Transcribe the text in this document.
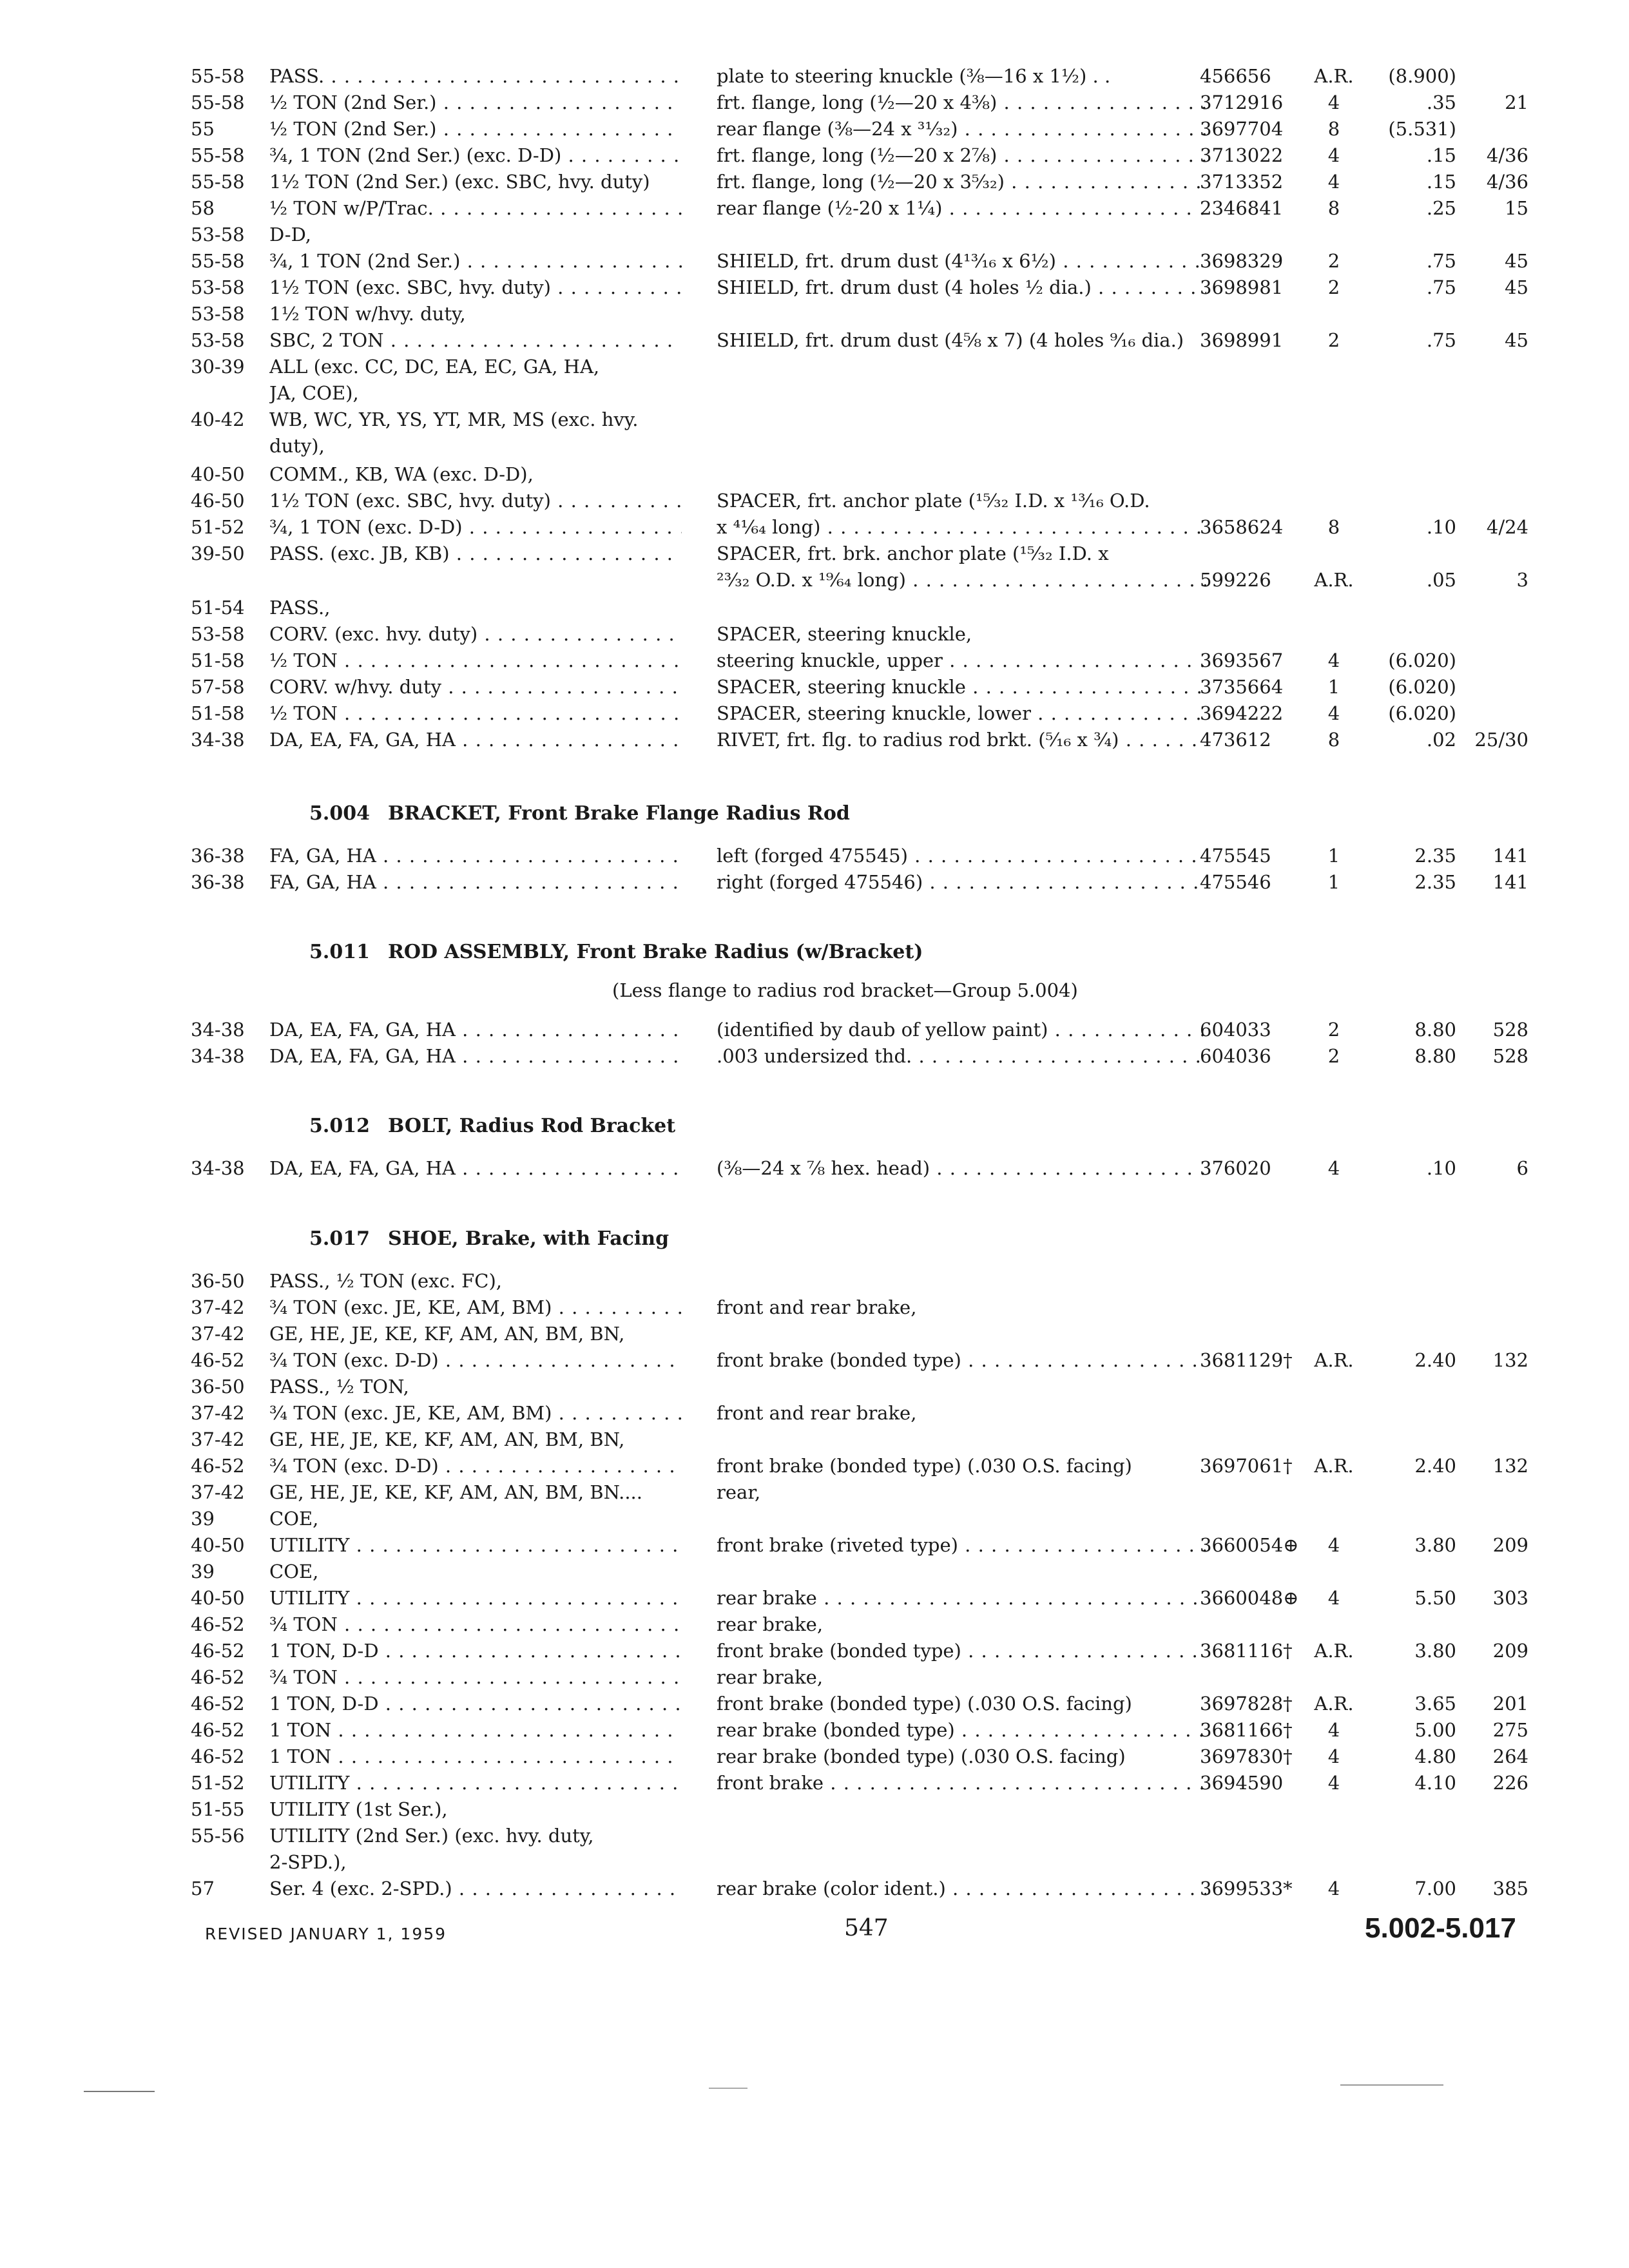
55-58 PASS. . . .	plate to steering knuckle (⅜—16 x 1½) . .	456656	A.R.	(8.900)
55-58 ½ TON (2nd Ser.) . . .	frt. flange, long (½—20 x 4⅜) . . .	3712916	4	.35	21
55	½ TON (2nd Ser.) . . .	rear flange (⅜—24 x ³¹⁄₃₂) . . .	3697704	8	(5.531)
55-58 ¾, 1 TON (2nd Ser.) (exc. D-D) . . .	frt. flange, long (½—20 x 2⅞) . . .	3713022	4	.15	4/36
55-58 1½ TON (2nd Ser.) (exc. SBC, hvy. duty)	frt. flange, long (½—20 x 3⁵⁄₃₂) . . .	3713352	4	.15	4/36
58	½ TON w/P/Trac. . . .	rear flange (½-20 x 1¼) . . .	2346841	8	.25	15
53-58 D-D,
55-58 ¾, 1 TON (2nd Ser.) . . .	SHIELD, frt. drum dust (4¹³⁄₁₆ x 6½) . . .	3698329	2	.75	45
53-58 1½ TON (exc. SBC, hvy. duty) . . .	SHIELD, frt. drum dust (4 holes ½ dia.) . . .	3698981	2	.75	45
53-58 1½ TON w/hvy. duty,
53-58 SBC, 2 TON . . .	SHIELD, frt. drum dust (4⅝ x 7) (4 holes ⁹⁄₁₆ dia.) 3698991	2	.75	45
30-39 ALL (exc. CC, DC, EA, EC, GA, HA,
JA, COE),
40-42 WB, WC, YR, YS, YT, MR, MS (exc. hvy.
duty),
40-50 COMM., KB, WA (exc. D-D),
46-50 1½ TON (exc. SBC, hvy. duty) . . .	SPACER, frt. anchor plate (¹⁵⁄₃₂ I.D. x ¹³⁄₁₆ O.D.
51-52 ¾, 1 TON (exc. D-D) . . .	x ⁴¹⁄₆₄ long) . . .	3658624	8	.10	4/24
39-50 PASS. (exc. JB, KB) . . .	SPACER, frt. brk. anchor plate (¹⁵⁄₃₂ I.D. x
²³⁄₃₂ O.D. x ¹⁹⁄₆₄ long) . . .	599226	A.R.	.05	3
51-54 PASS.,
53-58 CORV. (exc. hvy. duty) . . .	SPACER, steering knuckle,
51-58 ½ TON . . .	steering knuckle, upper . . .	3693567	4	(6.020)
57-58 CORV. w/hvy. duty . . .	SPACER, steering knuckle . . .	3735664	1	(6.020)
51-58 ½ TON . . .	SPACER, steering knuckle, lower . . .	3694222	4	(6.020)
34-38 DA, EA, FA, GA, HA . . .	RIVET, frt. flg. to radius rod brkt. (⁵⁄₁₆ x ¾) . . .	473612	8	.02 25/30
36-38 FA, GA, HA . . .	left (forged 475545) . . .	475545	1	2.35	141
36-38 FA, GA, HA . . .	right (forged 475546) . . .	475546	1	2.35	141
34-38 DA, EA, FA, GA, HA . . .	(identified by daub of yellow paint) . . .	604033	2	8.80	528
34-38 DA, EA, FA, GA, HA . . .	.003 undersized thd. . . .	604036	2	8.80	528
34-38 DA, EA, FA, GA, HA . . .	(⅜—24 x ⅞ hex. head) . . .	376020	4	.10	6
36-50 PASS., ½ TON (exc. FC),
37-42 ¾ TON (exc. JE, KE, AM, BM) . . .	front and rear brake,
37-42 GE, HE, JE, KE, KF, AM, AN, BM, BN,
46-52 ¾ TON (exc. D-D) . . .	front brake (bonded type) . . .	3681129†	A.R.	2.40	132
36-50 PASS., ½ TON,
37-42 ¾ TON (exc. JE, KE, AM, BM) . . .	front and rear brake,
37-42 GE, HE, JE, KE, KF, AM, AN, BM, BN,
46-52 ¾ TON (exc. D-D) . . .	front brake (bonded type) (.030 O.S. facing)	3697061†	A.R.	2.40	132
37-42 GE, HE, JE, KE, KF, AM, AN, BM, BN....	rear,
39	COE,
40-50 UTILITY . . .	front brake (riveted type) . . .	3660054⊕	4	3.80	209
39	COE,
40-50 UTILITY . . .	rear brake . . .	3660048⊕	4	5.50	303
46-52 ¾ TON . . .	rear brake,
46-52 1 TON, D-D . . .	front brake (bonded type) . . .	3681116†	A.R.	3.80	209
46-52 ¾ TON . . .	rear brake,
46-52 1 TON, D-D . . .	front brake (bonded type) (.030 O.S. facing)	3697828†	A.R.	3.65	201
46-52 1 TON . . .	rear brake (bonded type) . . .	3681166†	4	5.00	275
46-52 1 TON . . .	rear brake (bonded type) (.030 O.S. facing)	3697830†	4	4.80	264
51-52 UTILITY . . .	front brake . . .	3694590	4	4.10	226
51-55 UTILITY (1st Ser.),
55-56 UTILITY (2nd Ser.) (exc. hvy. duty,
2-SPD.),
57	Ser. 4 (exc. 2-SPD.) . . .	rear brake (color ident.) . . .	3699533*	4	7.00	385
5.004 BRACKET, Front Brake Flange Radius Rod
5.011 ROD ASSEMBLY, Front Brake Radius (w/Bracket)
5.012 BOLT, Radius Rod Bracket
5.017 SHOE, Brake, with Facing
(Less flange to radius rod bracket—Group 5.004)
REVISED JANUARY 1, 1959	547	5.002-5.017
